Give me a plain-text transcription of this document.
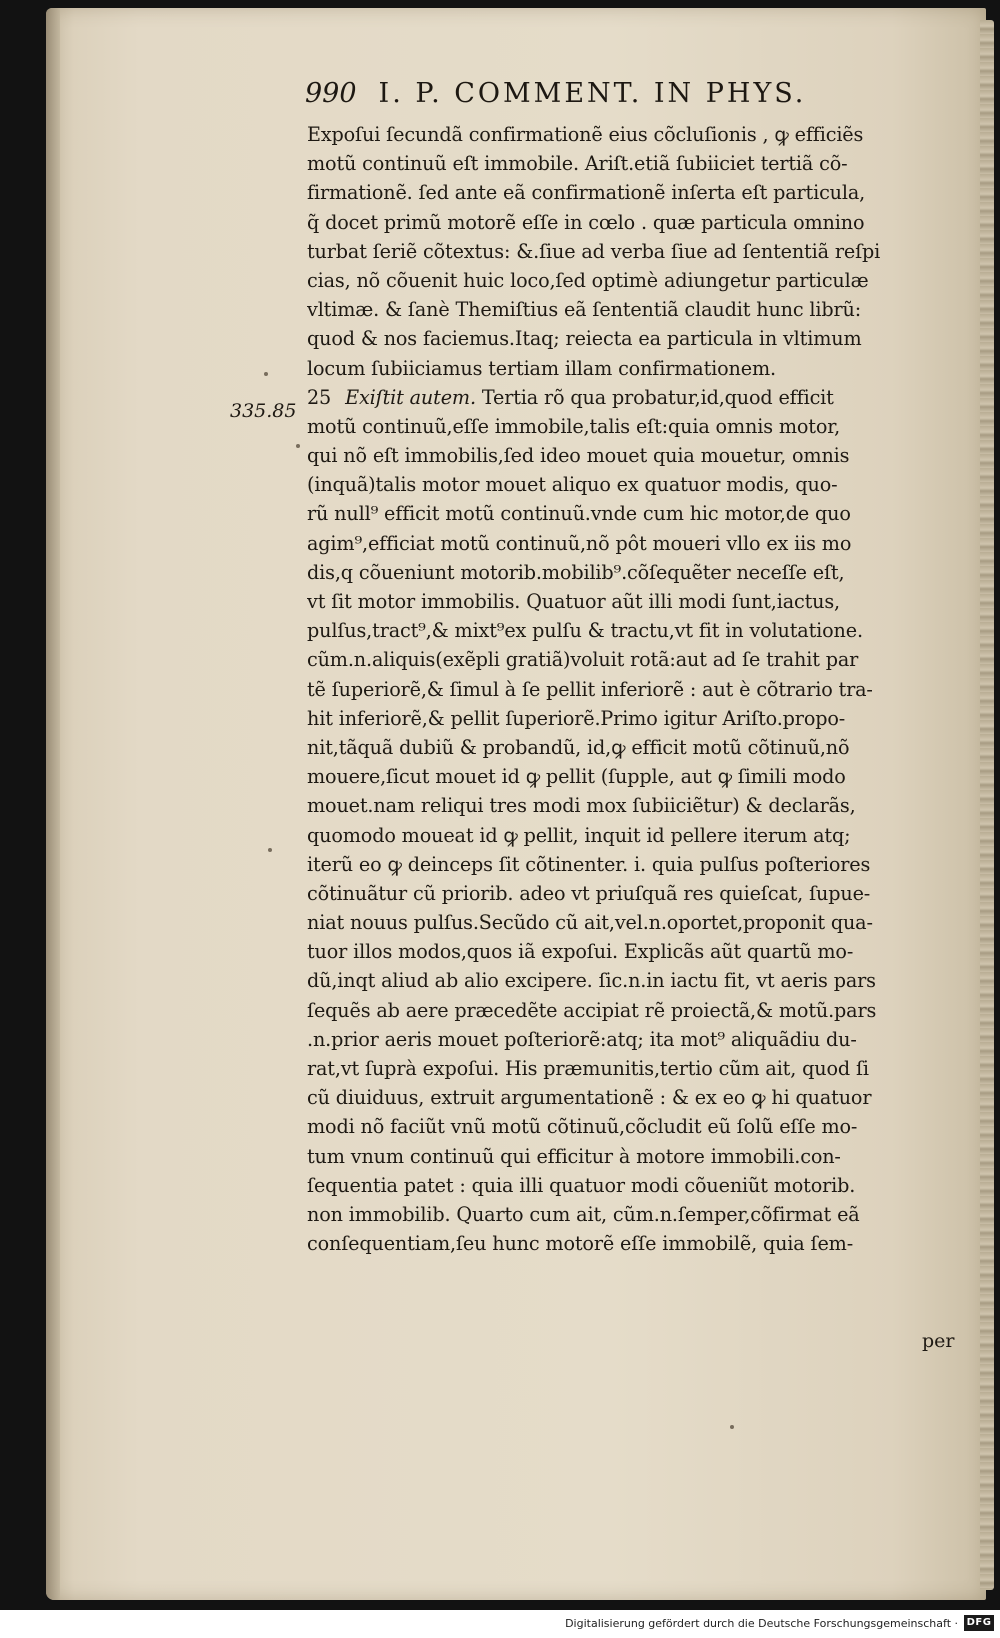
990 I. P. COMMENT. IN PHYS.
335.85
Expoſui ſecundã confirmationẽ eius cõcluſionis , ꝙ efficiẽs
motũ continuũ eſt immobile. Ariſt.etiã ſubiiciet tertiã cõ-
firmationẽ. ſed ante eã confirmationẽ inſerta eſt particula,
q̃ docet primũ motorẽ eſſe in cœlo . quæ particula omnino
turbat ſeriẽ cõtextus: &.ſiue ad verba ſiue ad ſententiã reſpi
cias, nõ cõuenit huic loco,ſed optimè adiungetur particulæ
vltimæ. & ſanè Themiſtius eã ſententiã claudit hunc librũ:
quod & nos faciemus.Itaq; reiecta ea particula in vltimum
locum ſubiiciamus tertiam illam confirmationem.
25 Exiſtit autem. Tertia rõ qua probatur,id,quod efficit
motũ continuũ,eſſe immobile,talis eſt:quia omnis motor,
qui nõ eſt immobilis,ſed ideo mouet quia mouetur, omnis
(inquã)talis motor mouet aliquo ex quatuor modis, quo-
rũ null⁹ efficit motũ continuũ.vnde cum hic motor,de quo
agim⁹,efficiat motũ continuũ,nõ pôt moueri vllo ex iis mo
dis,q cõueniunt motorib.mobilib⁹.cõſequẽter neceſſe eſt,
vt ſit motor immobilis. Quatuor aũt illi modi ſunt,iactus,
pulſus,tract⁹,& mixt⁹ex pulſu & tractu,vt fit in volutatione.
cũm.n.aliquis(exẽpli gratiã)voluit rotã:aut ad ſe trahit par
tẽ ſuperiorẽ,& ſimul à ſe pellit inferiorẽ : aut è cõtrario tra-
hit inferiorẽ,& pellit ſuperiorẽ.Primo igitur Ariſto.propo-
nit,tãquã dubiũ & probandũ, id,ꝙ efficit motũ cõtinuũ,nõ
mouere,ſicut mouet id ꝙ pellit (ſupple, aut ꝙ ſimili modo
mouet.nam reliqui tres modi mox ſubiiciẽtur) & declarãs,
quomodo moueat id ꝙ pellit, inquit id pellere iterum atq;
iterũ eo ꝙ deinceps ſit cõtinenter. i. quia pulſus poſteriores
cõtinuãtur cũ priorib. adeo vt priuſquã res quieſcat, ſupue-
niat nouus pulſus.Secũdo cũ ait,vel.n.oportet,proponit qua-
tuor illos modos,quos iã expoſui. Explicãs aũt quartũ mo-
dũ,inqt aliud ab alio excipere. ſic.n.in iactu fit, vt aeris pars
ſequẽs ab aere præcedẽte accipiat rẽ proiectã,& motũ.pars
.n.prior aeris mouet poſteriorẽ:atq; ita mot⁹ aliquãdiu du-
rat,vt ſuprà expoſui. His præmunitis,tertio cũm ait, quod ſi
cũ diuiduus, extruit argumentationẽ : & ex eo ꝙ hi quatuor
modi nõ faciũt vnũ motũ cõtinuũ,cõcludit eũ ſolũ eſſe mo-
tum vnum continuũ qui efficitur à motore immobili.con-
ſequentia patet : quia illi quatuor modi cõueniũt motorib.
non immobilib. Quarto cum ait, cũm.n.ſemper,cõfirmat eã
conſequentiam,ſeu hunc motorẽ eſſe immobilẽ, quia ſem-
per
Digitalisierung gefördert durch die Deutsche Forschungsgemeinschaft · DFG
